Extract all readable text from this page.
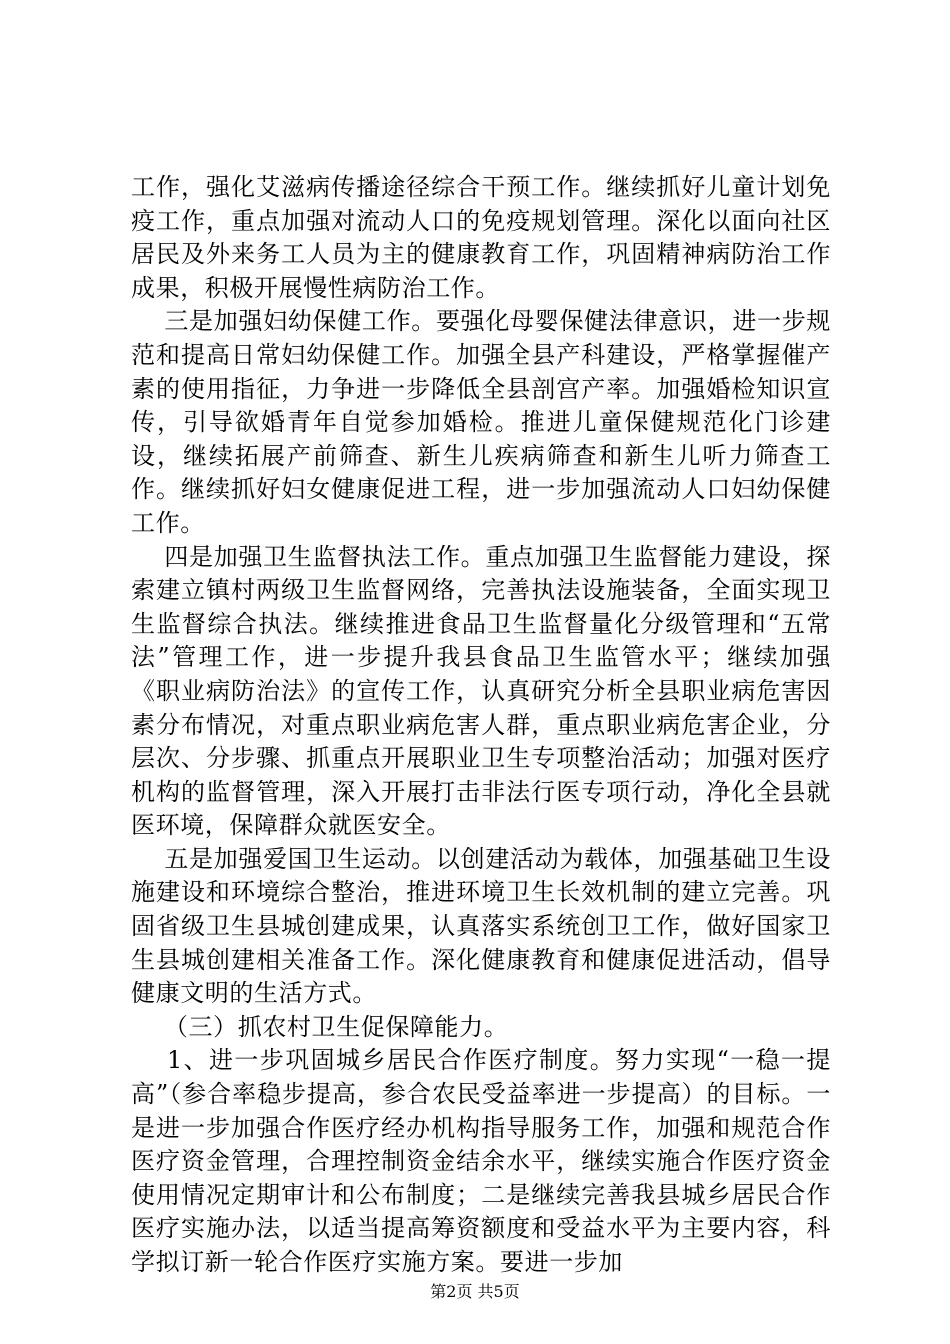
工作，强化艾滋病传播途径综合干预工作。继续抓好儿童计划免疫工作，重点加强对流动人口的免疫规划管理。深化以面向社区居民及外来务工人员为主的健康教育工作，巩固精神病防治工作成果，积极开展慢性病防治工作。

三是加强妇幼保健工作。要强化母婴保健法律意识，进一步规范和提高日常妇幼保健工作。加强全县产科建设，严格掌握催产素的使用指征，力争进一步降低全县剖宫产率。加强婚检知识宣传，引导欲婚青年自觉参加婚检。推进儿童保健规范化门诊建设，继续拓展产前筛查、新生儿疾病筛查和新生儿听力筛查工作。继续抓好妇女健康促进工程，进一步加强流动人口妇幼保健工作。

四是加强卫生监督执法工作。重点加强卫生监督能力建设，探索建立镇村两级卫生监督网络，完善执法设施装备，全面实现卫生监督综合执法。继续推进食品卫生监督量化分级管理和“五常法”管理工作，进一步提升我县食品卫生监管水平；继续加强《职业病防治法》的宣传工作，认真研究分析全县职业病危害因素分布情况，对重点职业病危害人群，重点职业病危害企业，分层次、分步骤、抓重点开展职业卫生专项整治活动；加强对医疗机构的监督管理，深入开展打击非法行医专项行动，净化全县就医环境，保障群众就医安全。

五是加强爱国卫生运动。以创建活动为载体，加强基础卫生设施建设和环境综合整治，推进环境卫生长效机制的建立完善。巩固省级卫生县城创建成果，认真落实系统创卫工作，做好国家卫生县城创建相关准备工作。深化健康教育和健康促进活动，倡导健康文明的生活方式。

（三）抓农村卫生促保障能力。

1、进一步巩固城乡居民合作医疗制度。努力实现“一稳一提高”（参合率稳步提高，参合农民受益率进一步提高）的目标。一是进一步加强合作医疗经办机构指导服务工作，加强和规范合作医疗资金管理，合理控制资金结余水平，继续实施合作医疗资金使用情况定期审计和公布制度；二是继续完善我县城乡居民合作医疗实施办法，以适当提高筹资额度和受益水平为主要内容，科学拟订新一轮合作医疗实施方案。要进一步加

第2页 共5页
